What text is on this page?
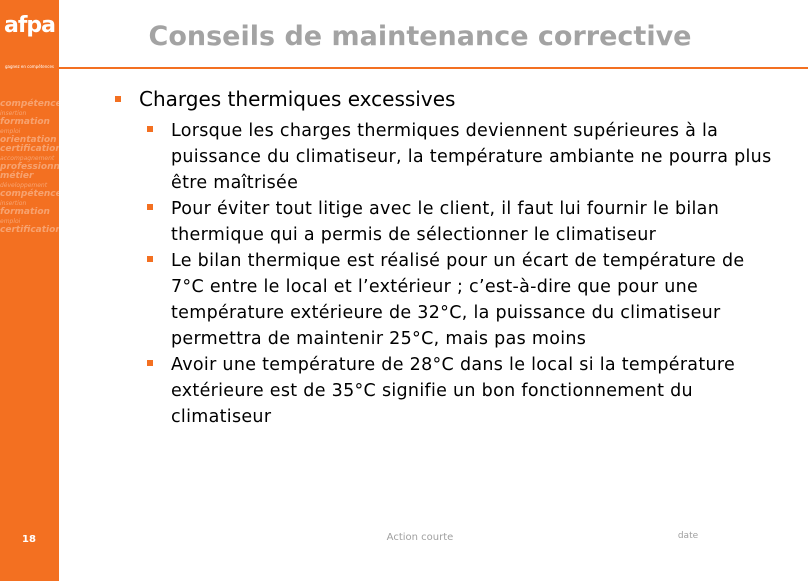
afpa
gagnez en compétences
compétences
insertion
formation
emploi
orientation
certification
accompagnement
professionnel
métier
développement
compétences
insertion
formation
emploi
certification
18
Conseils de maintenance corrective
Charges thermiques excessives
Lorsque les charges thermiques deviennent supérieures à la puissance du climatiseur, la température ambiante ne pourra plus être maîtrisée
Pour éviter tout litige avec le client, il faut lui fournir le bilan thermique qui a permis de sélectionner le climatiseur
Le bilan thermique est réalisé pour un écart de température de 7°C entre le local et l’extérieur ; c’est-à-dire que pour une température extérieure de 32°C, la puissance du climatiseur permettra de maintenir 25°C, mais pas moins
Avoir une température de 28°C dans le local si la température extérieure est de 35°C signifie un bon fonctionnement du climatiseur
Action courte	date
